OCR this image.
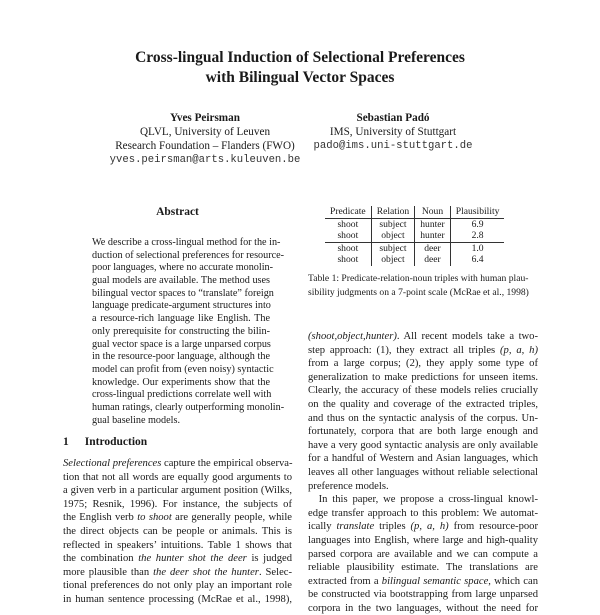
Cross-lingual Induction of Selectional Preferences
with Bilingual Vector Spaces
Yves Peirsman
QLVL, University of Leuven
Research Foundation – Flanders (FWO)
yves.peirsman@arts.kuleuven.be
Sebastian Padó
IMS, University of Stuttgart
pado@ims.uni-stuttgart.de
Abstract
We describe a cross-lingual method for the in-
duction of selectional preferences for resource-
poor languages, where no accurate monolin-
gual models are available. The method uses
bilingual vector spaces to “translate” foreign
language predicate-argument structures into
a resource-rich language like English. The
only prerequisite for constructing the bilin-
gual vector space is a large unparsed corpus
in the resource-poor language, although the
model can profit from (even noisy) syntactic
knowledge. Our experiments show that the
cross-lingual predictions correlate well with
human ratings, clearly outperforming monolin-
gual baseline models.
1 Introduction
Selectional preferences capture the empirical observa-
tion that not all words are equally good arguments to
a given verb in a particular argument position (Wilks,
1975; Resnik, 1996). For instance, the subjects of
the English verb to shoot are generally people, while
the direct objects can be people or animals. This is
reflected in speakers’ intuitions. Table 1 shows that
the combination the hunter shot the deer is judged
more plausible than the deer shot the hunter. Selec-
tional preferences do not only play an important role
in human sentence processing (McRae et al., 1998),
Predicate	Relation	Noun	Plausibility
shoot	subject	hunter	6.9
shoot	object	hunter	2.8
shoot	subject	deer	1.0
shoot	object	deer	6.4
Table 1: Predicate-relation-noun triples with human plau-
sibility judgments on a 7-point scale (McRae et al., 1998)
(shoot,object,hunter). All recent models take a two-
step approach: (1), they extract all triples (p, a, h)
from a large corpus; (2), they apply some type of
generalization to make predictions for unseen items.
Clearly, the accuracy of these models relies crucially
on the quality and coverage of the extracted triples,
and thus on the syntactic analysis of the corpus. Un-
fortunately, corpora that are both large enough and
have a very good syntactic analysis are only available
for a handful of Western and Asian languages, which
leaves all other languages without reliable selectional
preference models.
 In this paper, we propose a cross-lingual knowl-
edge transfer approach to this problem: We automat-
ically translate triples (p, a, h) from resource-poor
languages into English, where large and high-quality
parsed corpora are available and we can compute a
reliable plausibility estimate. The translations are
extracted from a bilingual semantic space, which can
be constructed via bootstrapping from large unparsed
corpora in the two languages, without the need for
